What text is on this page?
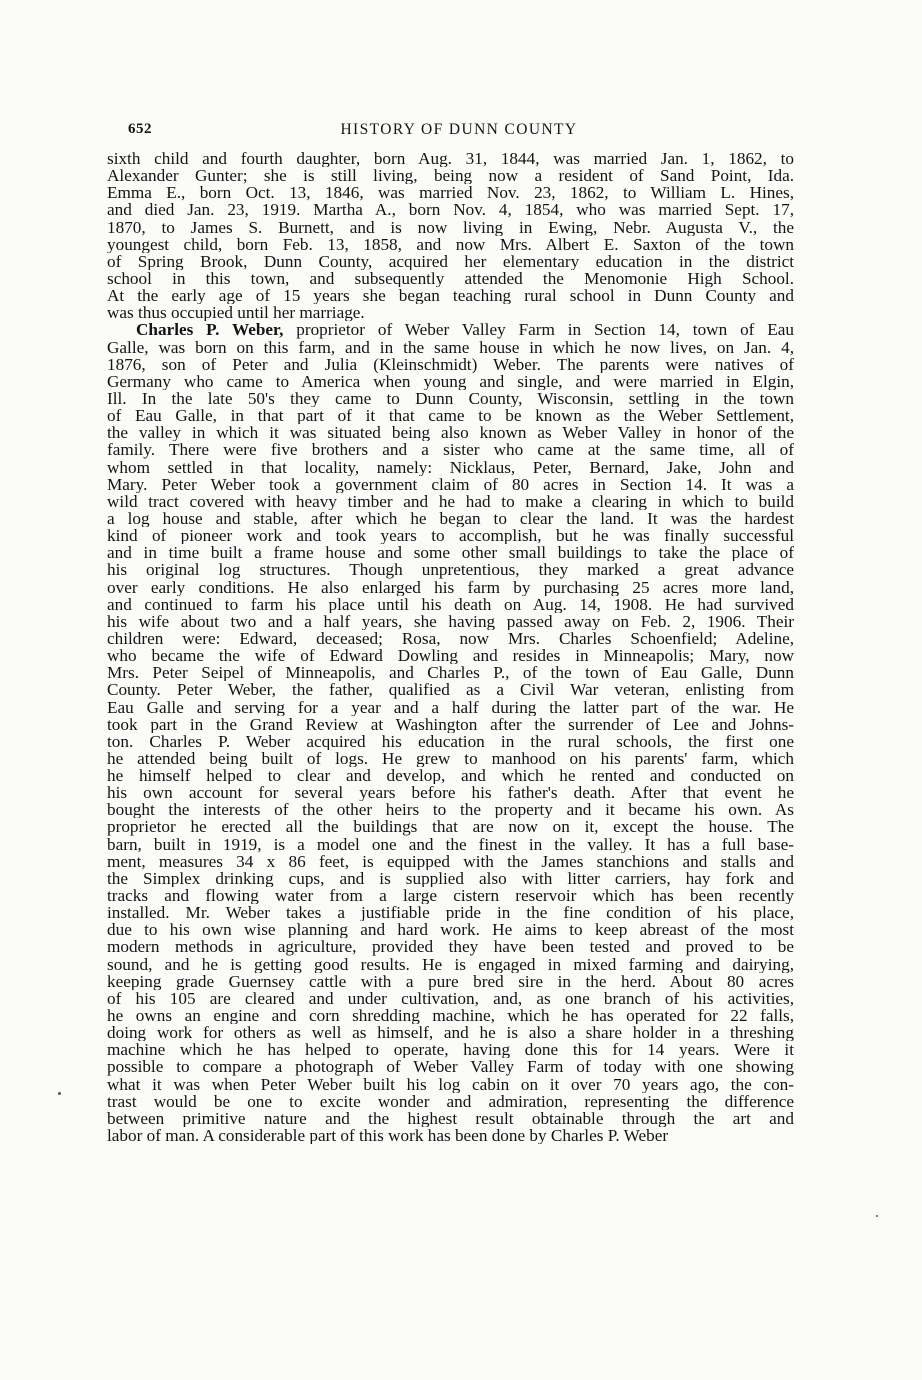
652	HISTORY OF DUNN COUNTY
sixth child and fourth daughter, born Aug. 31, 1844, was married Jan. 1, 1862, to
Alexander Gunter; she is still living, being now a resident of Sand Point, Ida.
Emma E., born Oct. 13, 1846, was married Nov. 23, 1862, to William L. Hines,
and died Jan. 23, 1919. Martha A., born Nov. 4, 1854, who was married Sept. 17,
1870, to James S. Burnett, and is now living in Ewing, Nebr. Augusta V., the
youngest child, born Feb. 13, 1858, and now Mrs. Albert E. Saxton of the town
of Spring Brook, Dunn County, acquired her elementary education in the district
school in this town, and subsequently attended the Menomonie High School.
At the early age of 15 years she began teaching rural school in Dunn County and
was thus occupied until her marriage.
Charles P. Weber, proprietor of Weber Valley Farm in Section 14, town of Eau
Galle, was born on this farm, and in the same house in which he now lives, on Jan. 4,
1876, son of Peter and Julia (Kleinschmidt) Weber. The parents were natives of
Germany who came to America when young and single, and were married in Elgin,
Ill. In the late 50's they came to Dunn County, Wisconsin, settling in the town
of Eau Galle, in that part of it that came to be known as the Weber Settlement,
the valley in which it was situated being also known as Weber Valley in honor of the
family. There were five brothers and a sister who came at the same time, all of
whom settled in that locality, namely: Nicklaus, Peter, Bernard, Jake, John and
Mary. Peter Weber took a government claim of 80 acres in Section 14. It was a
wild tract covered with heavy timber and he had to make a clearing in which to build
a log house and stable, after which he began to clear the land. It was the hardest
kind of pioneer work and took years to accomplish, but he was finally successful
and in time built a frame house and some other small buildings to take the place of
his original log structures. Though unpretentious, they marked a great advance
over early conditions. He also enlarged his farm by purchasing 25 acres more land,
and continued to farm his place until his death on Aug. 14, 1908. He had survived
his wife about two and a half years, she having passed away on Feb. 2, 1906. Their
children were: Edward, deceased; Rosa, now Mrs. Charles Schoenfield; Adeline,
who became the wife of Edward Dowling and resides in Minneapolis; Mary, now
Mrs. Peter Seipel of Minneapolis, and Charles P., of the town of Eau Galle, Dunn
County. Peter Weber, the father, qualified as a Civil War veteran, enlisting from
Eau Galle and serving for a year and a half during the latter part of the war. He
took part in the Grand Review at Washington after the surrender of Lee and Johns-
ton. Charles P. Weber acquired his education in the rural schools, the first one
he attended being built of logs. He grew to manhood on his parents' farm, which
he himself helped to clear and develop, and which he rented and conducted on
his own account for several years before his father's death. After that event he
bought the interests of the other heirs to the property and it became his own. As
proprietor he erected all the buildings that are now on it, except the house. The
barn, built in 1919, is a model one and the finest in the valley. It has a full base-
ment, measures 34 x 86 feet, is equipped with the James stanchions and stalls and
the Simplex drinking cups, and is supplied also with litter carriers, hay fork and
tracks and flowing water from a large cistern reservoir which has been recently
installed. Mr. Weber takes a justifiable pride in the fine condition of his place,
due to his own wise planning and hard work. He aims to keep abreast of the most
modern methods in agriculture, provided they have been tested and proved to be
sound, and he is getting good results. He is engaged in mixed farming and dairying,
keeping grade Guernsey cattle with a pure bred sire in the herd. About 80 acres
of his 105 are cleared and under cultivation, and, as one branch of his activities,
he owns an engine and corn shredding machine, which he has operated for 22 falls,
doing work for others as well as himself, and he is also a share holder in a threshing
machine which he has helped to operate, having done this for 14 years. Were it
possible to compare a photograph of Weber Valley Farm of today with one showing
what it was when Peter Weber built his log cabin on it over 70 years ago, the con-
trast would be one to excite wonder and admiration, representing the difference
between primitive nature and the highest result obtainable through the art and
labor of man. A considerable part of this work has been done by Charles P. Weber
